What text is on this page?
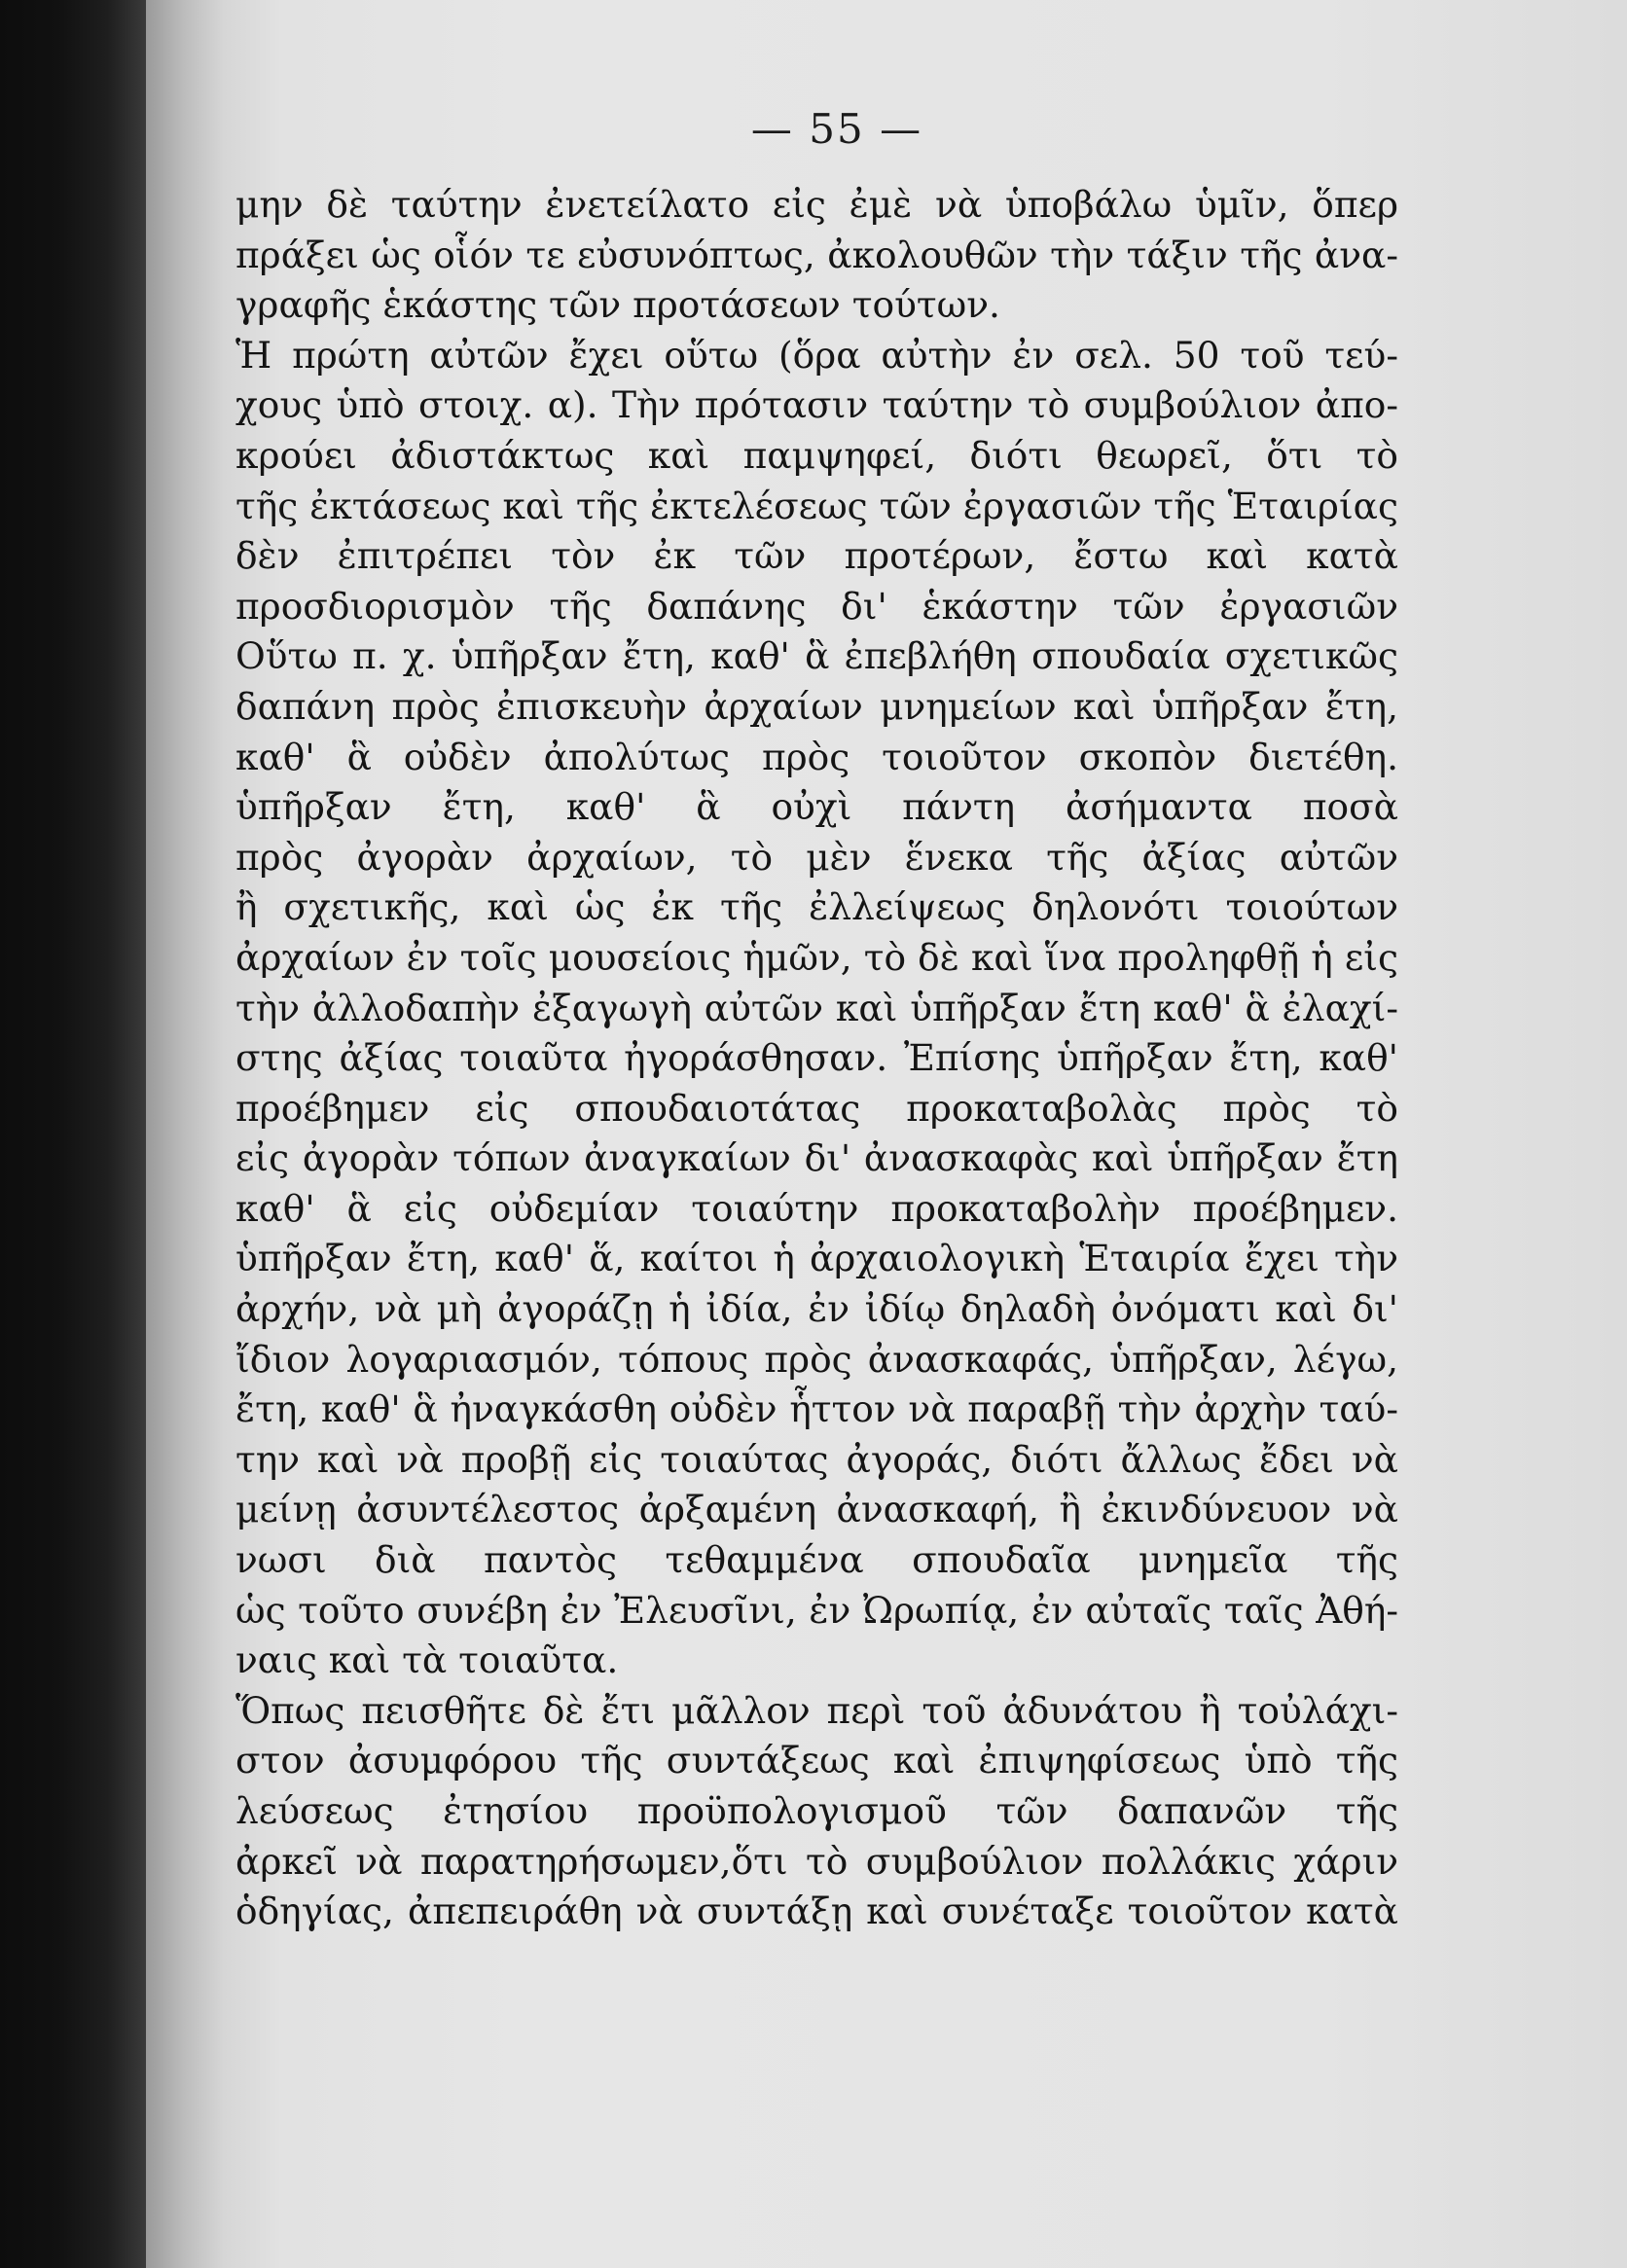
— 55 —
μην δὲ ταύτην ἐνετείλατο εἰς ἐμὲ νὰ ὑποβάλω ὑμῖν, ὅπερ
πράξει ὡς οἷόν τε εὐσυνόπτως, ἀκολουθῶν τὴν τάξιν τῆς ἀνα-
γραφῆς ἑκάστης τῶν προτάσεων τούτων.
Ἡ πρώτη αὐτῶν ἔχει οὕτω (ὅρα αὐτὴν ἐν σελ. 50 τοῦ τεύ-
χους ὑπὸ στοιχ. α). Τὴν πρότασιν ταύτην τὸ συμβούλιον ἀπο-
κρούει ἀδιστάκτως καὶ παμψηφεί, διότι θεωρεῖ, ὅτι τὸ
τῆς ἐκτάσεως καὶ τῆς ἐκτελέσεως τῶν ἐργασιῶν τῆς Ἑταιρίας
δὲν ἐπιτρέπει τὸν ἐκ τῶν προτέρων, ἔστω καὶ κατὰ
προσδιορισμὸν τῆς δαπάνης δι' ἑκάστην τῶν ἐργασιῶν
Οὕτω π. χ. ὑπῆρξαν ἔτη, καθ' ἃ ἐπεβλήθη σπουδαία σχετικῶς
δαπάνη πρὸς ἐπισκευὴν ἀρχαίων μνημείων καὶ ὑπῆρξαν ἔτη,
καθ' ἃ οὐδὲν ἀπολύτως πρὸς τοιοῦτον σκοπὸν διετέθη.
ὑπῆρξαν ἔτη, καθ' ἃ οὐχὶ πάντη ἀσήμαντα ποσὰ
πρὸς ἀγορὰν ἀρχαίων, τὸ μὲν ἕνεκα τῆς ἀξίας αὐτῶν
ἢ σχετικῆς, καὶ ὡς ἐκ τῆς ἐλλείψεως δηλονότι τοιούτων
ἀρχαίων ἐν τοῖς μουσείοις ἡμῶν, τὸ δὲ καὶ ἵνα προληφθῇ ἡ εἰς
τὴν ἀλλοδαπὴν ἐξαγωγὴ αὐτῶν καὶ ὑπῆρξαν ἔτη καθ' ἃ ἐλαχί-
στης ἀξίας τοιαῦτα ἠγοράσθησαν. Ἐπίσης ὑπῆρξαν ἔτη, καθ'
προέβημεν εἰς σπουδαιοτάτας προκαταβολὰς πρὸς τὸ
εἰς ἀγορὰν τόπων ἀναγκαίων δι' ἀνασκαφὰς καὶ ὑπῆρξαν ἔτη
καθ' ἃ εἰς οὐδεμίαν τοιαύτην προκαταβολὴν προέβημεν.
ὑπῆρξαν ἔτη, καθ' ἅ, καίτοι ἡ ἀρχαιολογικὴ Ἑταιρία ἔχει τὴν
ἀρχήν, νὰ μὴ ἀγοράζῃ ἡ ἰδία, ἐν ἰδίῳ δηλαδὴ ὀνόματι καὶ δι'
ἴδιον λογαριασμόν, τόπους πρὸς ἀνασκαφάς, ὑπῆρξαν, λέγω,
ἔτη, καθ' ἃ ἠναγκάσθη οὐδὲν ἧττον νὰ παραβῇ τὴν ἀρχὴν ταύ-
την καὶ νὰ προβῇ εἰς τοιαύτας ἀγοράς, διότι ἄλλως ἔδει νὰ
μείνῃ ἀσυντέλεστος ἀρξαμένη ἀνασκαφή, ἢ ἐκινδύνευον νὰ
νωσι διὰ παντὸς τεθαμμένα σπουδαῖα μνημεῖα τῆς
ὡς τοῦτο συνέβη ἐν Ἐλευσῖνι, ἐν Ὠρωπίᾳ, ἐν αὐταῖς ταῖς Ἀθή-
ναις καὶ τὰ τοιαῦτα.
Ὅπως πεισθῆτε δὲ ἔτι μᾶλλον περὶ τοῦ ἀδυνάτου ἢ τοὐλάχι-
στον ἀσυμφόρου τῆς συντάξεως καὶ ἐπιψηφίσεως ὑπὸ τῆς
λεύσεως ἐτησίου προϋπολογισμοῦ τῶν δαπανῶν τῆς
ἀρκεῖ νὰ παρατηρήσωμεν,ὅτι τὸ συμβούλιον πολλάκις χάριν
ὁδηγίας, ἀπεπειράθη νὰ συντάξῃ καὶ συνέταξε τοιοῦτον κατὰ
